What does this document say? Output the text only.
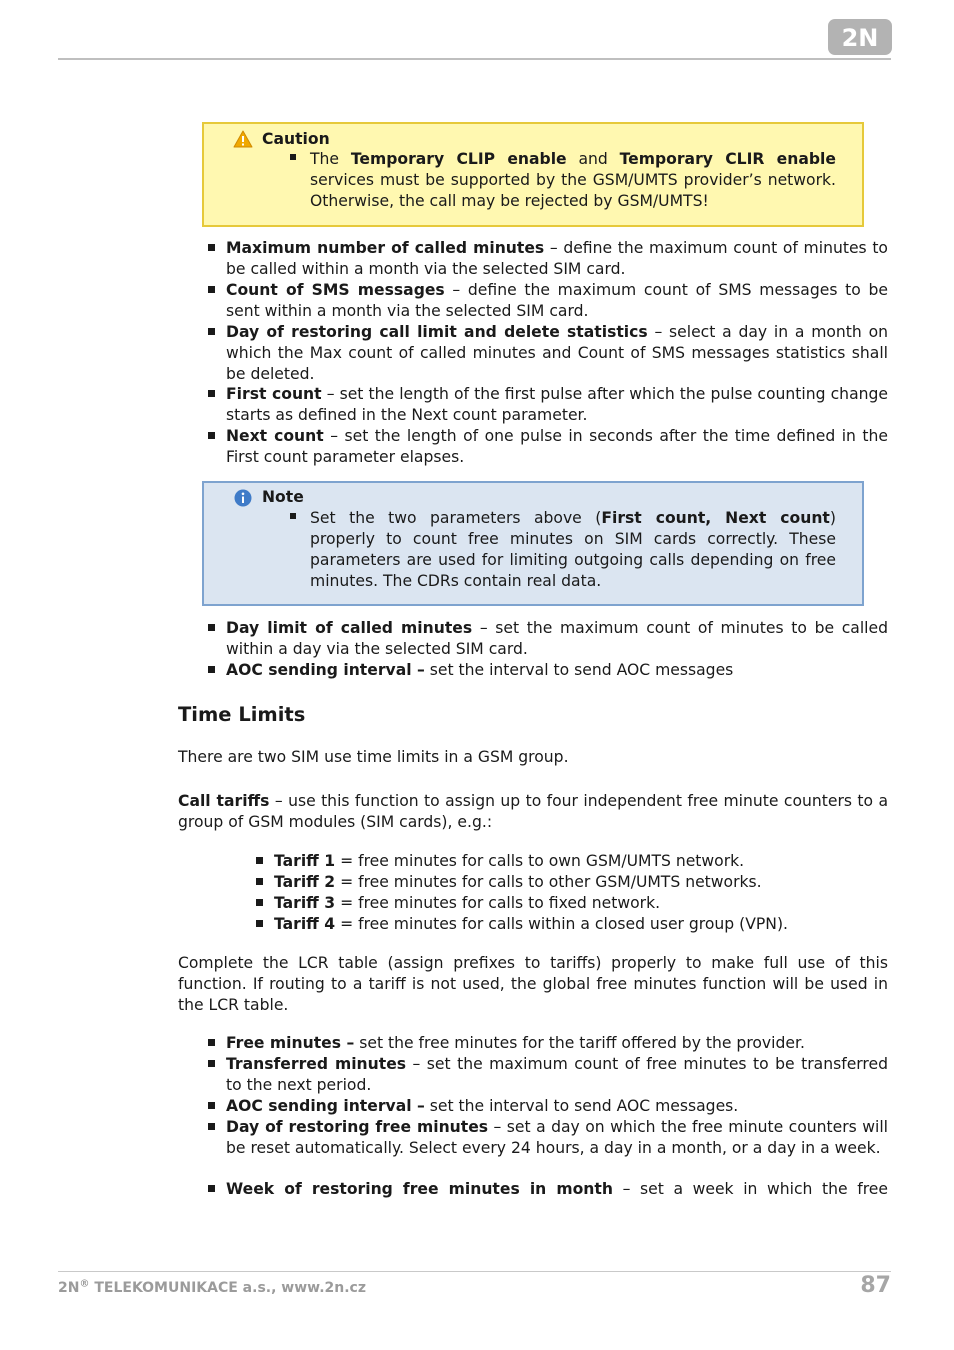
2N
Caution
The Temporary CLIP enable and Temporary CLIR enable services must be supported by the GSM/UMTS provider’s network. Otherwise, the call may be rejected by GSM/UMTS!
Maximum number of called minutes – define the maximum count of minutes to be called within a month via the selected SIM card.
Count of SMS messages – define the maximum count of SMS messages to be sent within a month via the selected SIM card.
Day of restoring call limit and delete statistics – select a day in a month on which the Max count of called minutes and Count of SMS messages statistics shall be deleted.
First count – set the length of the first pulse after which the pulse counting change starts as defined in the Next count parameter.
Next count – set the length of one pulse in seconds after the time defined in the First count parameter elapses.
Note
Set the two parameters above (First count, Next count) properly to count free minutes on SIM cards correctly. These parameters are used for limiting outgoing calls depending on free minutes. The CDRs contain real data.
Day limit of called minutes – set the maximum count of minutes to be called within a day via the selected SIM card.
AOC sending interval – set the interval to send AOC messages
Time Limits
There are two SIM use time limits in a GSM group.
Call tariffs – use this function to assign up to four independent free minute counters to a group of GSM modules (SIM cards), e.g.:
Tariff 1 = free minutes for calls to own GSM/UMTS network.
Tariff 2 = free minutes for calls to other GSM/UMTS networks.
Tariff 3 = free minutes for calls to fixed network.
Tariff 4 = free minutes for calls within a closed user group (VPN).
Complete the LCR table (assign prefixes to tariffs) properly to make full use of this function. If routing to a tariff is not used, the global free minutes function will be used in the LCR table.
Free minutes – set the free minutes for the tariff offered by the provider.
Transferred minutes – set the maximum count of free minutes to be transferred to the next period.
AOC sending interval – set the interval to send AOC messages.
Day of restoring free minutes – set a day on which the free minute counters will be reset automatically. Select every 24 hours, a day in a month, or a day in a week.
Week of restoring free minutes in month – set a week in which the free
2N® TELEKOMUNIKACE a.s., www.2n.cz	87
